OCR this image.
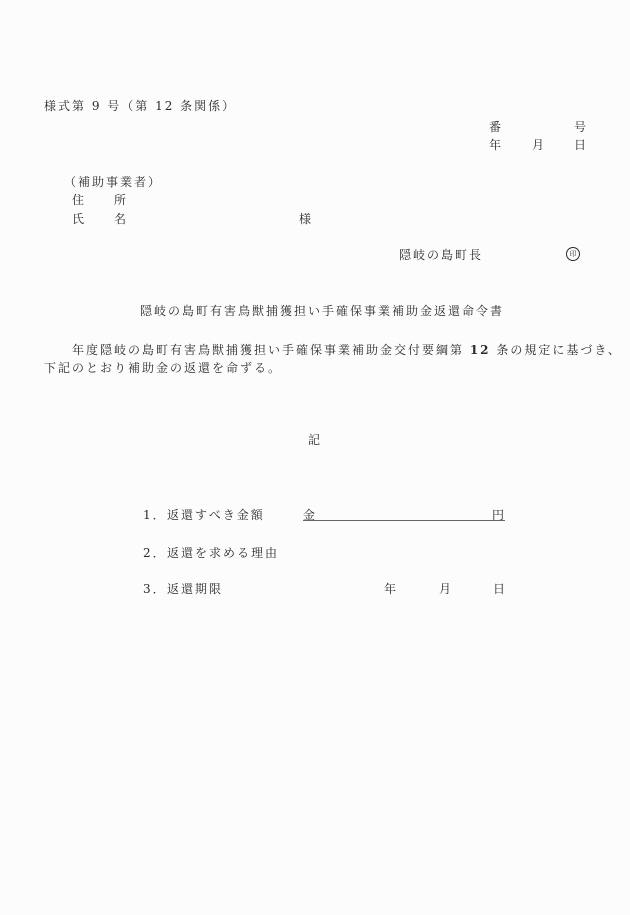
様式第 9 号（第 12 条関係）
番	号
年 月 日
（補助事業者）
住 所
氏 名	様
隠岐の島町長	印
隠岐の島町有害鳥獣捕獲担い手確保事業補助金返還命令書
年度隠岐の島町有害鳥獣捕獲担い手確保事業補助金交付要綱第 12 条の規定に基づき、
下記のとおり補助金の返還を命ずる。
記
1． 返還すべき金額	金	円
2． 返還を求める理由
3． 返還期限	年	月	日
